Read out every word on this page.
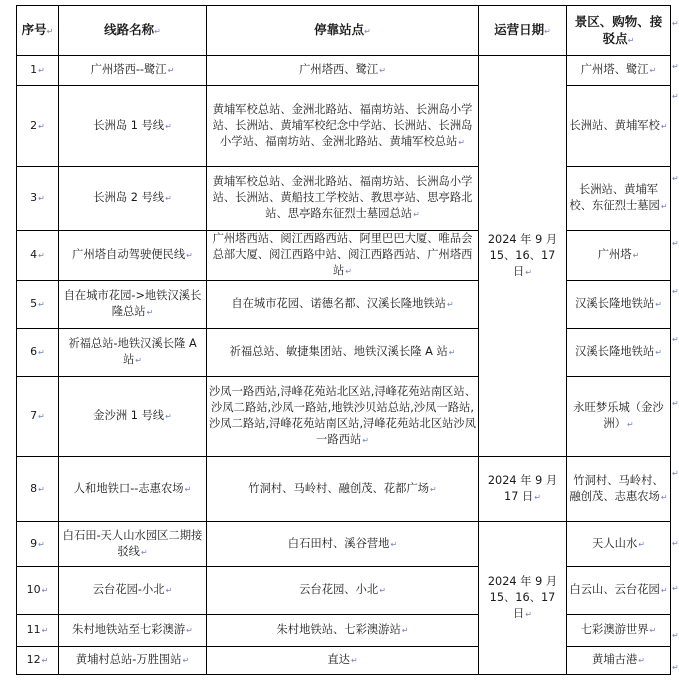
序号↵	线路名称↵	停靠站点↵	运营日期↵	景区、购物、接驳点↵
1↵	广州塔西--鹭江↵	广州塔西、鹭江↵	2024 年 9 月 15、16、17 日↵	广州塔、鹭江↵
2↵	长洲岛 1 号线↵	黄埔军校总站、金洲北路站、福南坊站、长洲岛小学站、长洲站、黄埔军校纪念中学站、长洲站、长洲岛小学站、福南坊站、金洲北路站、黄埔军校总站↵		长洲站、黄埔军校↵
3↵	长洲岛 2 号线↵	黄埔军校总站、金洲北路站、福南坊站、长洲岛小学站、长洲站、黄船技工学校站、教思亭站、思亭路北站、思亭路东征烈士墓园总站↵		长洲站、黄埔军校、东征烈士墓园↵
4↵	广州塔自动驾驶便民线↵	广州塔西站、阅江西路西站、阿里巴巴大厦、唯品会总部大厦、阅江西路中站、阅江西路西站、广州塔西站↵		广州塔↵
5↵	自在城市花园->地铁汉溪长隆总站↵	自在城市花园、诺德名都、汉溪长隆地铁站↵		汉溪长隆地铁站↵
6↵	祈福总站-地铁汉溪长隆 A 站↵	祈福总站、敏捷集团站、地铁汉溪长隆 A 站↵		汉溪长隆地铁站↵
7↵	金沙洲 1 号线↵	沙凤一路西站,浔峰花苑站北区站,浔峰花苑站南区站、沙凤二路站,沙凤一路站,地铁沙贝站总站,沙凤一路站,沙凤二路站,浔峰花苑站南区站,浔峰花苑站北区站沙凤一路西站↵		永旺梦乐城（金沙洲）↵
8↵	人和地铁口--志惠农场↵	竹洞村、马岭村、融创茂、花都广场↵	2024 年 9 月 17 日↵	竹洞村、马岭村、融创茂、志惠农场↵
9↵	白石田-天人山水园区二期接驳线↵	白石田村、溪谷营地↵	2024 年 9 月 15、16、17 日↵	天人山水↵
10↵	云台花园-小北↵	云台花园、小北↵		白云山、云台花园↵
11↵	朱村地铁站至七彩澳游↵	朱村地铁站、七彩澳游站↵		七彩澳游世界↵
12↵	黄埔村总站-万胜围站↵	直达↵		黄埔古港↵
↵
↵
↵
↵
↵
↵
↵
↵
↵
↵
↵
↵
↵
